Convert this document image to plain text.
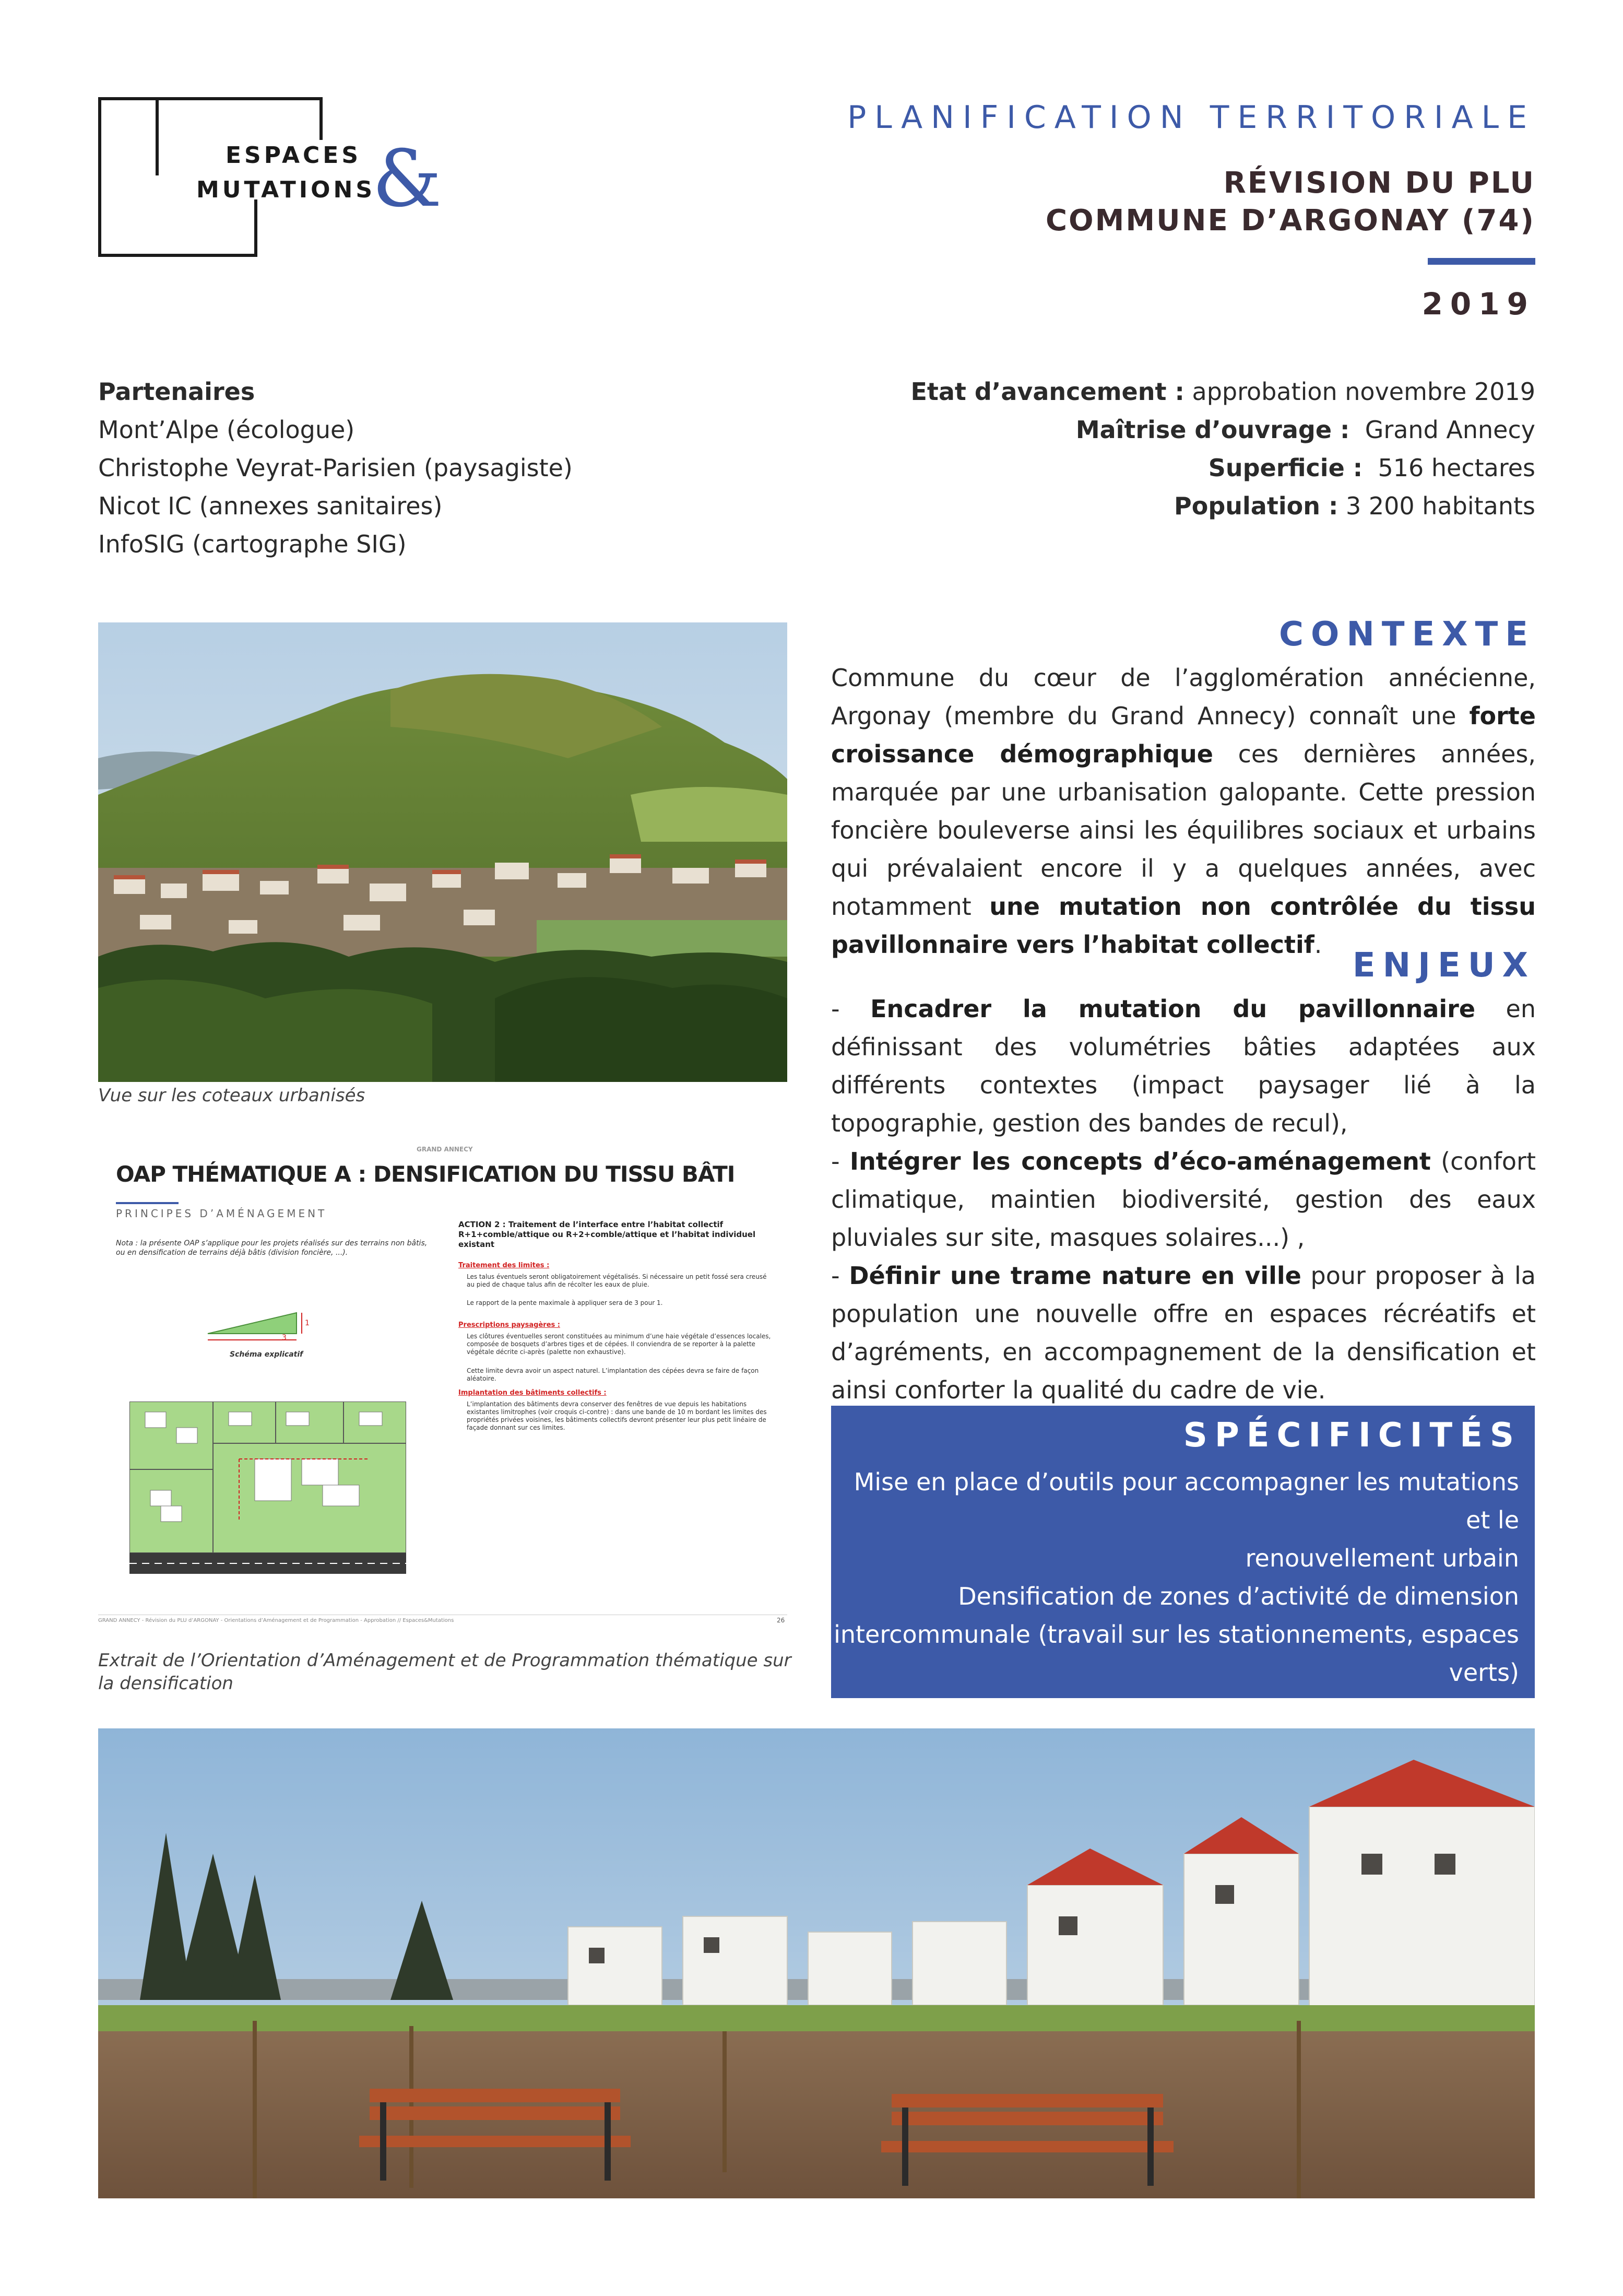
ESPACES
MUTATIONS
&
PLANIFICATION TERRITORIALE
RÉVISION DU PLU
COMMUNE D’ARGONAY (74)
2019
Partenaires
Mont’Alpe (écologue)
Christophe Veyrat-Parisien (paysagiste)
Nicot IC (annexes sanitaires)
InfoSIG (cartographe SIG)
Etat d’avancement : approbation novembre 2019
Maîtrise d’ouvrage : Grand Annecy
Superficie : 516 hectares
Population : 3 200 habitants
Vue sur les coteaux urbanisés
GRAND ANNECY
OAP THÉMATIQUE A : DENSIFICATION DU TISSU BÂTI
PRINCIPES D’AMÉNAGEMENT
Nota : la présente OAP s’applique pour les projets réalisés sur des terrains non bâtis, ou en densification de terrains déjà bâtis (division foncière, ...).
3
1
Schéma explicatif
ACTION 2 : Traitement de l’interface entre l’habitat collectif R+1+comble/attique ou R+2+comble/attique et l’habitat individuel existant
Traitement des limites :
Les talus éventuels seront obligatoirement végétalisés. Si nécessaire un petit fossé sera creusé au pied de chaque talus afin de récolter les eaux de pluie.
Le rapport de la pente maximale à appliquer sera de 3 pour 1.
Prescriptions paysagères :
Les clôtures éventuelles seront constituées au minimum d’une haie végétale d’essences locales, composée de bosquets d’arbres tiges et de cépées. Il conviendra de se reporter à la palette végétale décrite ci-après (palette non exhaustive).
Cette limite devra avoir un aspect naturel. L’implantation des cépées devra se faire de façon aléatoire.
Implantation des bâtiments collectifs :
L’implantation des bâtiments devra conserver des fenêtres de vue depuis les habitations existantes limitrophes (voir croquis ci-contre) : dans une bande de 10 m bordant les limites des propriétés privées voisines, les bâtiments collectifs devront présenter leur plus petit linéaire de façade donnant sur ces limites.
GRAND ANNECY - Révision du PLU d’ARGONAY - Orientations d’Aménagement et de Programmation - Approbation // Espaces&Mutations	26
Extrait de l’Orientation d’Aménagement et de Programmation thématique sur la densification
CONTEXTE
Commune du cœur de l’agglomération annécienne, Argonay (membre du Grand Annecy) connaît une forte croissance démographique ces dernières années, marquée par une urbanisation galopante. Cette pression foncière bouleverse ainsi les équilibres sociaux et urbains qui prévalaient encore il y a quelques années, avec notamment une mutation non contrôlée du tissu pavillonnaire vers l’habitat collectif.
ENJEUX
- Encadrer la mutation du pavillonnaire en définissant des volumétries bâties adaptées aux différents contextes (impact paysager lié à la topographie, gestion des bandes de recul),
- Intégrer les concepts d’éco-aménagement (confort climatique, maintien biodiversité, gestion des eaux pluviales sur site, masques solaires...) ,
- Définir une trame nature en ville pour proposer à la population une nouvelle offre en espaces récréatifs et d’agréments, en accompagnement de la densification et ainsi conforter la qualité du cadre de vie.
SPÉCIFICITÉS
Mise en place d’outils pour accompagner les mutations et le
renouvellement urbain
Densification de zones d’activité de dimension
intercommunale (travail sur les stationnements, espaces verts)
Orientations d’Aménagement et de Programmation
